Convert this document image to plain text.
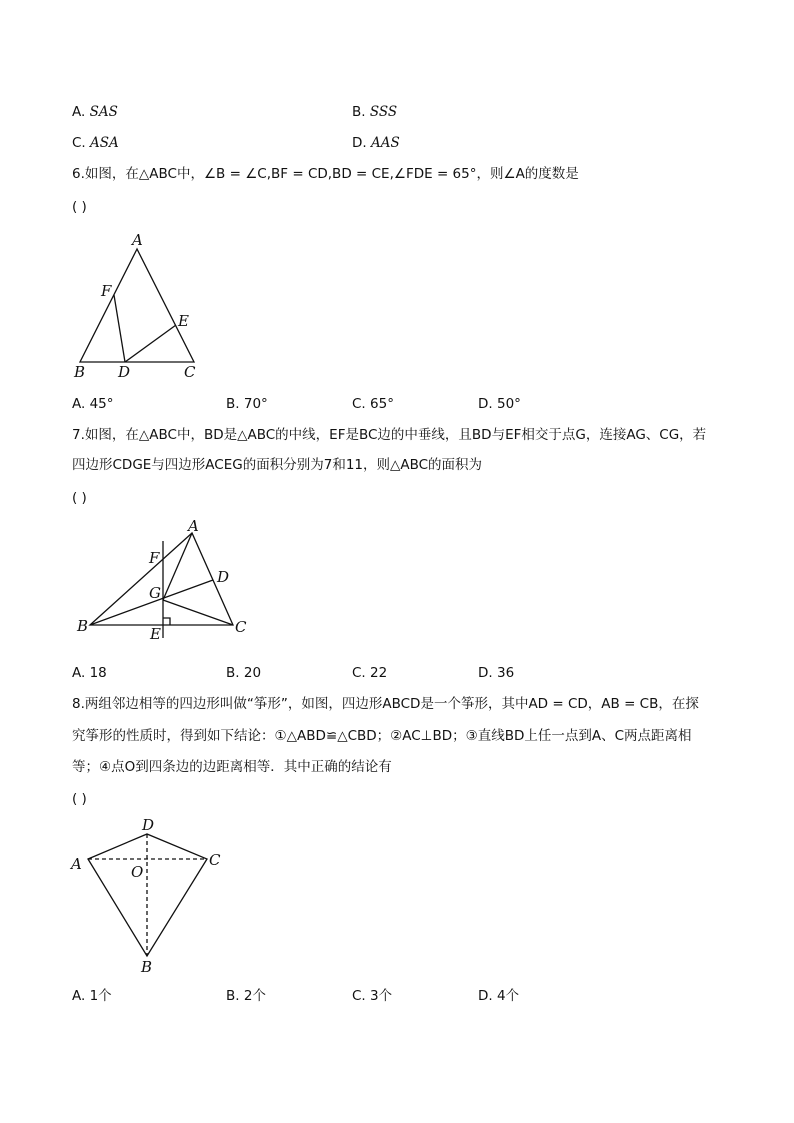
A. SAS	B. SSS
C. ASA	D. AAS
6.如图，在△ABC中，∠B = ∠C,BF = CD,BD = CE,∠FDE = 65°，则∠A的度数是
( )
A
F
E
B D	C
A. 45°	B. 70°	C. 65°	D. 50°
7.如图，在△ABC中，BD是△ABC的中线，EF是BC边的中垂线，且BD与EF相交于点G，连接AG、CG，若
四边形CDGE与四边形ACEG的面积分别为7和11，则△ABC的面积为
( )
A
F
D
G
B	E	C
A. 18	B. 20	C. 22	D. 36
8.两组邻边相等的四边形叫做“筝形”，如图，四边形ABCD是一个筝形，其中AD = CD，AB = CB，在探
究筝形的性质时，得到如下结论：①△ABD≌△CBD；②AC⊥BD；③直线BD上任一点到A、C两点距离相
等；④点O到四条边的边距离相等．其中正确的结论有
( )
D
A	C
O
B
A. 1个	B. 2个	C. 3个	D. 4个
